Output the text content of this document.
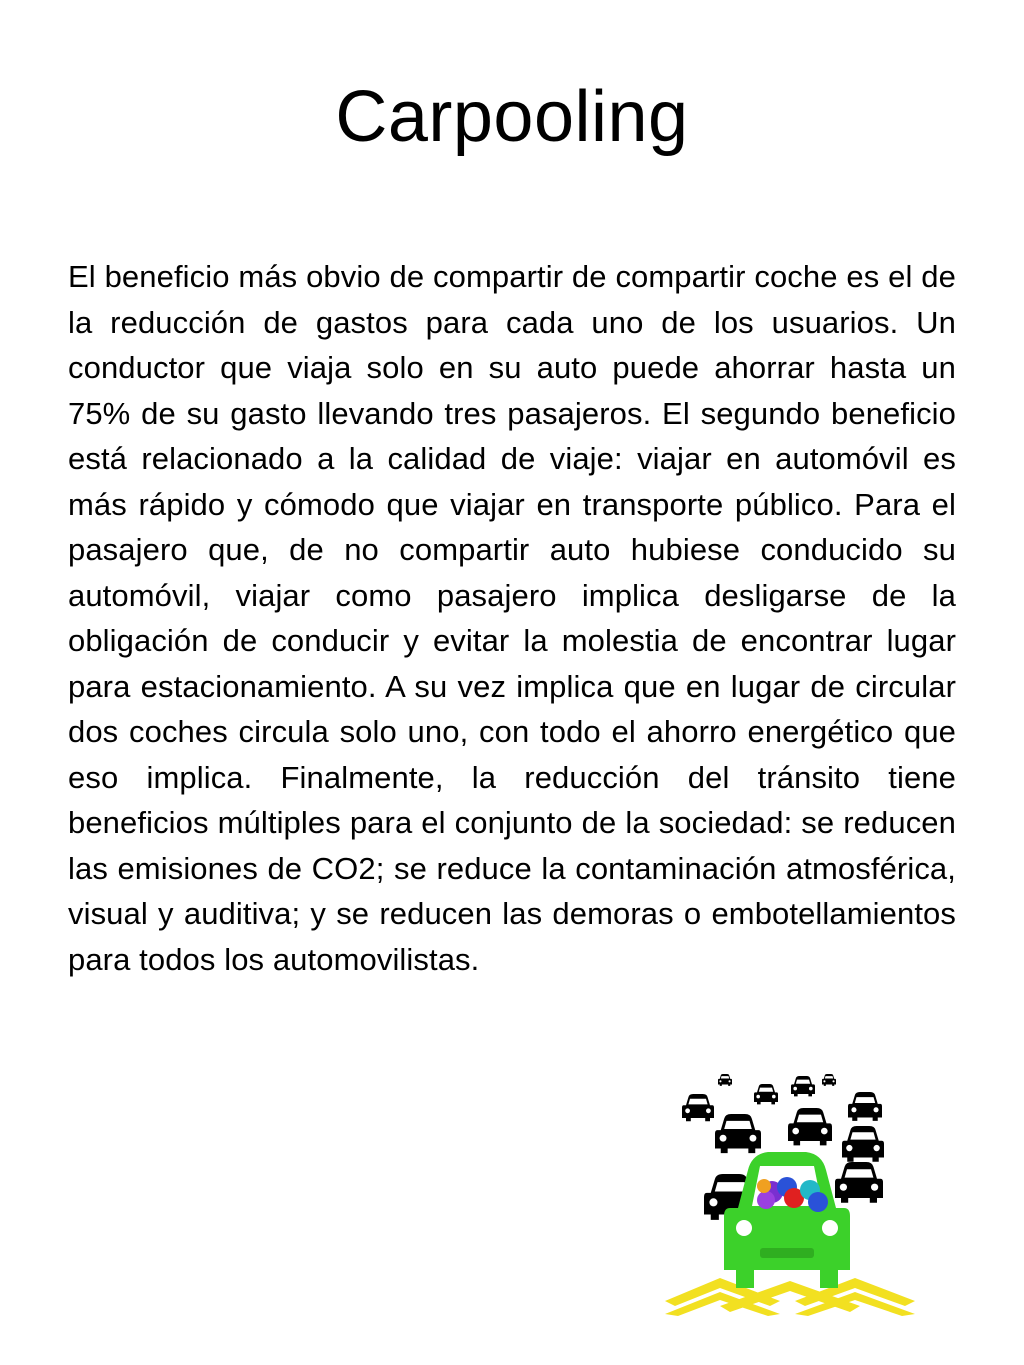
Carpooling

El beneficio más obvio de compartir de compartir coche es el de la reducción de gastos para cada uno de los usuarios. Un conductor que viaja solo en su auto puede ahorrar hasta un 75% de su gasto llevando tres pasajeros. El segundo beneficio está relacionado a la calidad de viaje: viajar en automóvil es más rápido y cómodo que viajar en transporte público. Para el pasajero que, de no compartir auto hubiese conducido su automóvil, viajar como pasajero implica desligarse de la obligación de conducir y evitar la molestia de encontrar lugar para estacionamiento. A su vez implica que en lugar de circular dos coches circula solo uno, con todo el ahorro energético que eso implica. Finalmente, la reducción del tránsito tiene beneficios múltiples para el conjunto de la sociedad: se reducen las emisiones de CO2; se reduce la contaminación atmosférica, visual y auditiva; y se reducen las demoras o embotellamientos para todos los automovilistas.
